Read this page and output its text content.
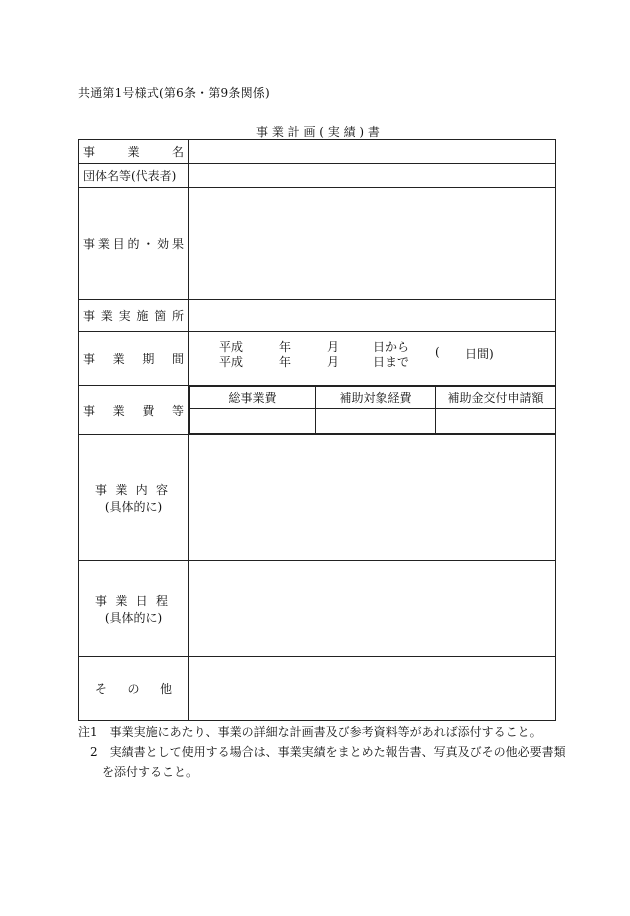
共通第1号様式(第6条・第9条関係)
事 業 計 画 ( 実 績 ) 書
事	業	名

団体名等(代表者)

事 業 目 的 ・ 効 果

事 業 実 施 箇 所

事 業 期 間

平成	年	月	日から
平成	年	月	日まで
( 日間)

事 業 費 等

総事業費	補助対象経費	補助金交付申請額

事 業 内 容
(具体的に)

事 業 日 程
(具体的に)

そ の 他

注1　事業実施にあたり、事業の詳細な計画書及び参考資料等があれば添付すること。
　2　実績書として使用する場合は、事業実績をまとめた報告書、写真及びその他必要書類
　　を添付すること。
